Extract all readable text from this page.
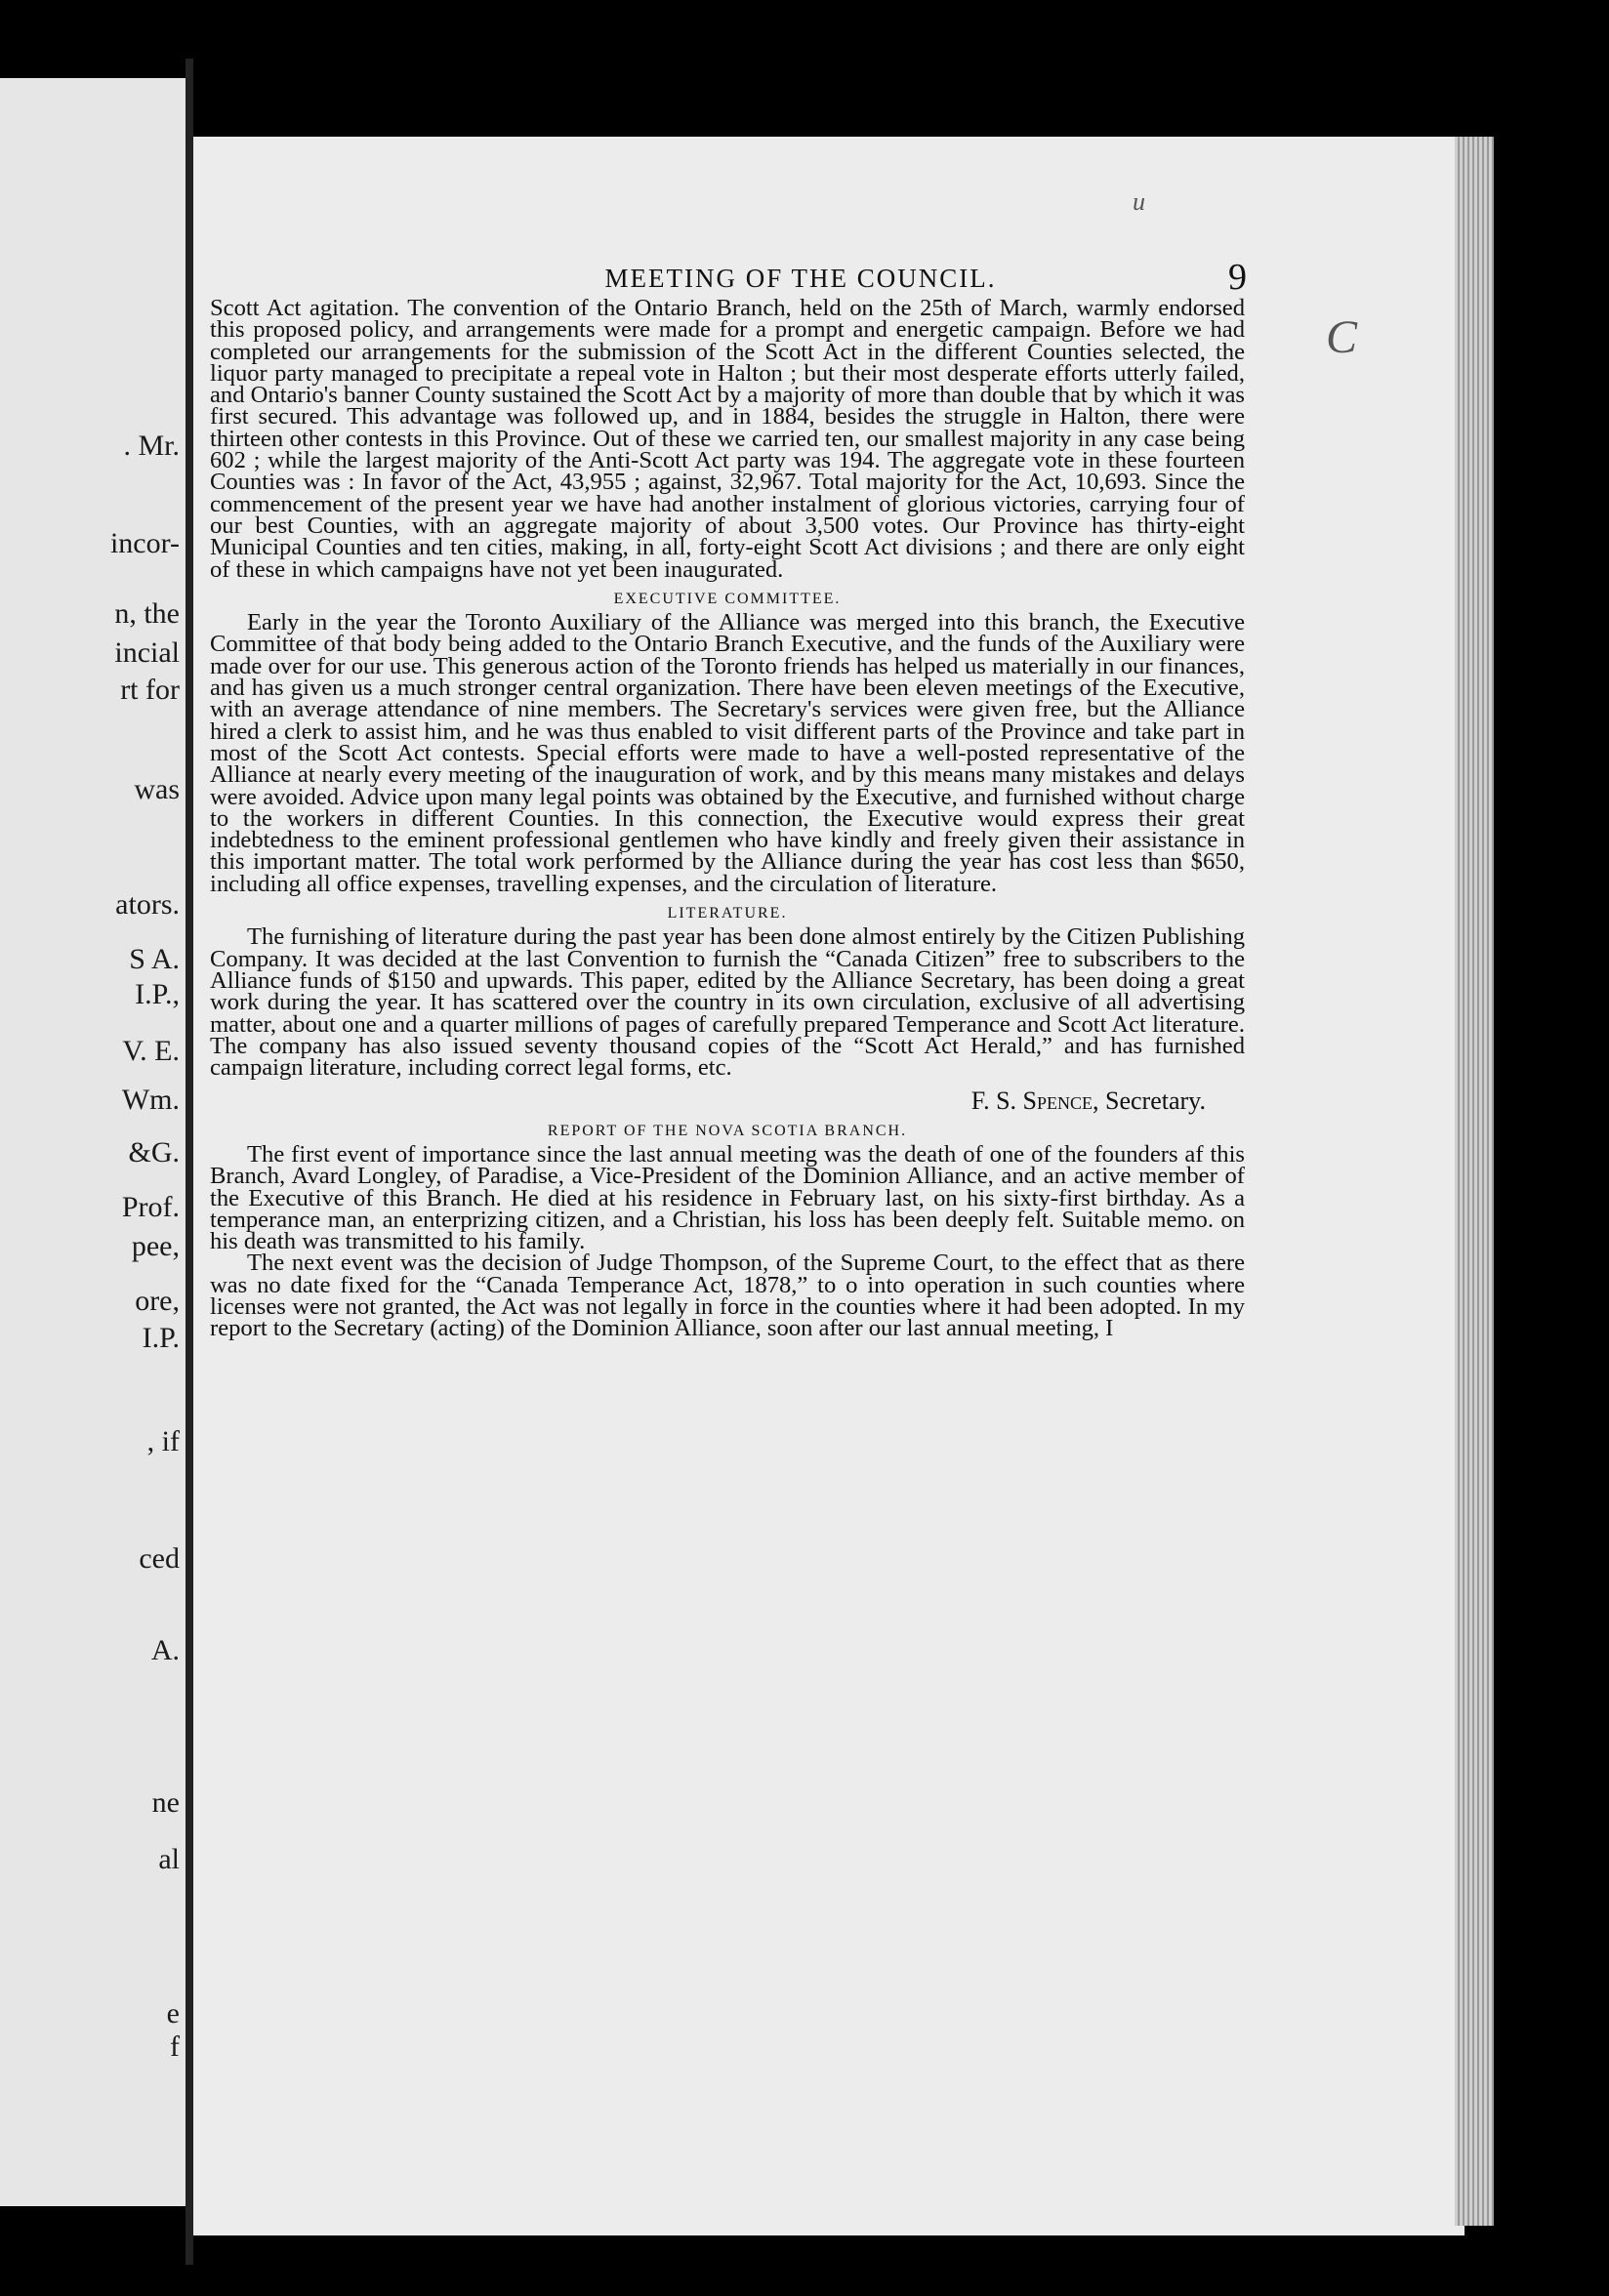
. Mr.
incor-
n, the
incial
rt for
was
ators.
S A.
I.P.,
V. E.
Wm.
&G.
Prof.
pee,
ore,
I.P.
, if
ced
A.
ne
al
e
f
u
C
MEETING OF THE COUNCIL.	9

Scott Act agitation. The convention of the Ontario Branch, held on the 25th of March, warmly endorsed this proposed policy, and arrangements were made for a prompt and energetic campaign. Before we had completed our arrangements for the submission of the Scott Act in the different Counties selected, the liquor party managed to precipitate a repeal vote in Halton ; but their most desperate efforts utterly failed, and Ontario's banner County sustained the Scott Act by a majority of more than double that by which it was first secured. This advantage was followed up, and in 1884, besides the struggle in Halton, there were thirteen other contests in this Province. Out of these we carried ten, our smallest majority in any case being 602 ; while the largest majority of the Anti-Scott Act party was 194. The aggregate vote in these fourteen Counties was : In favor of the Act, 43,955 ; against, 32,967. Total majority for the Act, 10,693. Since the commencement of the present year we have had another instalment of glorious victories, carrying four of our best Counties, with an aggregate majority of about 3,500 votes. Our Province has thirty-eight Municipal Counties and ten cities, making, in all, forty-eight Scott Act divisions ; and there are only eight of these in which campaigns have not yet been inaugurated.

EXECUTIVE COMMITTEE.

Early in the year the Toronto Auxiliary of the Alliance was merged into this branch, the Executive Committee of that body being added to the Ontario Branch Executive, and the funds of the Auxiliary were made over for our use. This generous action of the Toronto friends has helped us materially in our finances, and has given us a much stronger central organization. There have been eleven meetings of the Executive, with an average attendance of nine members. The Secretary's services were given free, but the Alliance hired a clerk to assist him, and he was thus enabled to visit different parts of the Province and take part in most of the Scott Act contests. Special efforts were made to have a well-posted representative of the Alliance at nearly every meeting of the inauguration of work, and by this means many mistakes and delays were avoided. Advice upon many legal points was obtained by the Executive, and furnished without charge to the workers in different Counties. In this connection, the Executive would express their great indebtedness to the eminent professional gentlemen who have kindly and freely given their assistance in this important matter. The total work performed by the Alliance during the year has cost less than $650, including all office expenses, travelling expenses, and the circulation of literature.

LITERATURE.

The furnishing of literature during the past year has been done almost entirely by the Citizen Publishing Company. It was decided at the last Convention to furnish the “Canada Citizen” free to subscribers to the Alliance funds of $150 and upwards. This paper, edited by the Alliance Secretary, has been doing a great work during the year. It has scattered over the country in its own circulation, exclusive of all advertising matter, about one and a quarter millions of pages of carefully prepared Temperance and Scott Act literature. The company has also issued seventy thousand copies of the “Scott Act Herald,” and has furnished campaign literature, including correct legal forms, etc.

F. S. Spence, Secretary.
REPORT OF THE NOVA SCOTIA BRANCH.

The first event of importance since the last annual meeting was the death of one of the founders af this Branch, Avard Longley, of Paradise, a Vice-President of the Dominion Alliance, and an active member of the Executive of this Branch. He died at his residence in February last, on his sixty-first birthday. As a temperance man, an enterprizing citizen, and a Christian, his loss has been deeply felt. Suitable memo. on his death was transmitted to his family.

The next event was the decision of Judge Thompson, of the Supreme Court, to the effect that as there was no date fixed for the “Canada Temperance Act, 1878,” to o into operation in such counties where licenses were not granted, the Act was not legally in force in the counties where it had been adopted. In my report to the Secretary (acting) of the Dominion Alliance, soon after our last annual meeting, I
